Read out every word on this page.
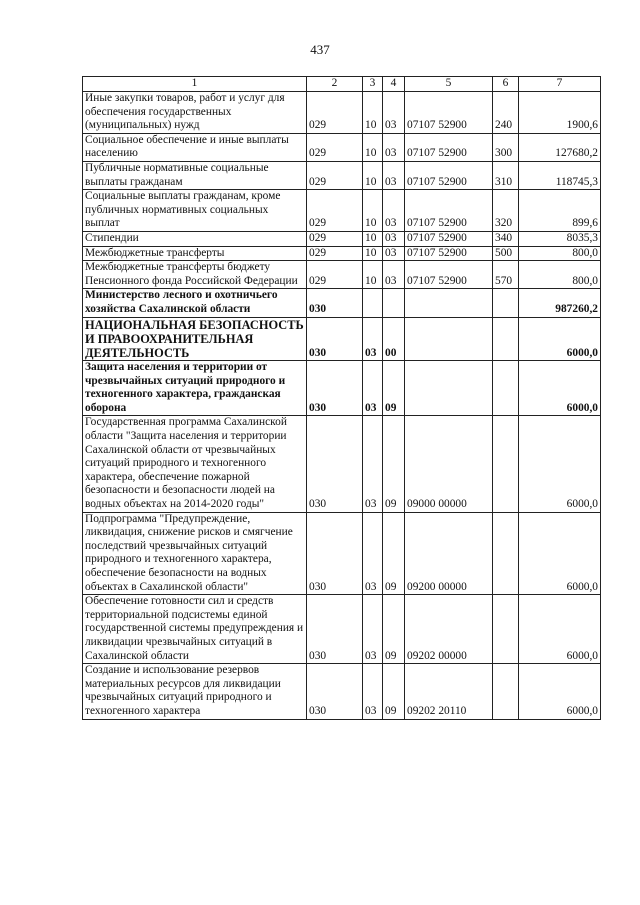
437
1	2	3	4	5	6	7
Иные закупки товаров, работ и услуг для обеспечения государственных (муниципальных) нужд	029	10	03	07107 52900	240	1900,6
Социальное обеспечение и иные выплаты населению	029	10	03	07107 52900	300	127680,2
Публичные нормативные социальные выплаты гражданам	029	10	03	07107 52900	310	118745,3
Социальные выплаты гражданам, кроме публичных нормативных социальных выплат	029	10	03	07107 52900	320	899,6
Стипендии	029	10	03	07107 52900	340	8035,3
Межбюджетные трансферты	029	10	03	07107 52900	500	800,0
Межбюджетные трансферты бюджету Пенсионного фонда Российской Федерации	029	10	03	07107 52900	570	800,0
Министерство лесного и охотничьего хозяйства Сахалинской области	030					987260,2
НАЦИОНАЛЬНАЯ БЕЗОПАСНОСТЬ И ПРАВООХРАНИТЕЛЬНАЯ ДЕЯТЕЛЬНОСТЬ	030	03	00			6000,0
Защита населения и территории от чрезвычайных ситуаций природного и техногенного характера, гражданская оборона	030	03	09			6000,0
Государственная программа Сахалинской области "Защита населения и территории Сахалинской области от чрезвычайных ситуаций природного и техногенного характера, обеспечение пожарной безопасности и безопасности людей на водных объектах на 2014-2020 годы"	030	03	09	09000 00000		6000,0
Подпрограмма "Предупреждение, ликвидация, снижение рисков и смягчение последствий чрезвычайных ситуаций природного и техногенного характера, обеспечение безопасности на водных объектах в Сахалинской области"	030	03	09	09200 00000		6000,0
Обеспечение готовности сил и средств территориальной подсистемы единой государственной системы предупреждения и ликвидации чрезвычайных ситуаций в Сахалинской области	030	03	09	09202 00000		6000,0
Создание и использование резервов материальных ресурсов для ликвидации чрезвычайных ситуаций природного и техногенного характера	030	03	09	09202 20110		6000,0
